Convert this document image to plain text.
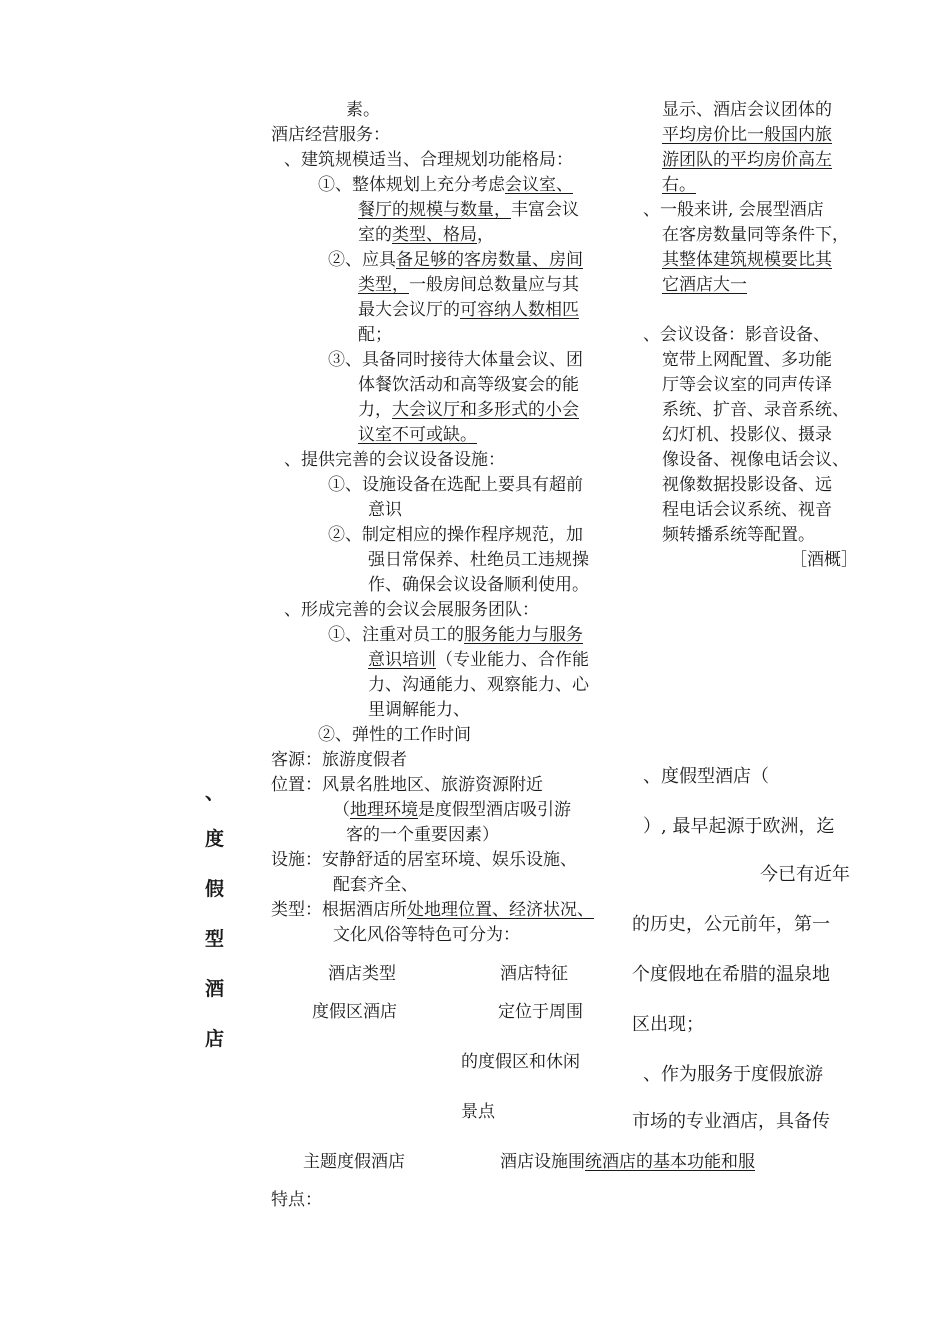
素。
酒店经营服务：
、建筑规模适当、合理规划功能格局：
①、整体规划上充分考虑会议室、
餐厅的规模与数量，丰富会议
室的类型、格局，
②、应具备足够的客房数量、房间
类型，一般房间总数量应与其
最大会议厅的可容纳人数相匹
配；
③、具备同时接待大体量会议、团
体餐饮活动和高等级宴会的能
力，大会议厅和多形式的小会
议室不可或缺。
、提供完善的会议设备设施：
①、设施设备在选配上要具有超前
意识
②、制定相应的操作程序规范，加
强日常保养、杜绝员工违规操
作、确保会议设备顺利使用。
、形成完善的会议会展服务团队：
①、注重对员工的服务能力与服务
意识培训（专业能力、合作能
力、沟通能力、观察能力、心
里调解能力、
②、弹性的工作时间
客源：旅游度假者
位置：风景名胜地区、旅游资源附近
（地理环境是度假型酒店吸引游
客的一个重要因素）
设施：安静舒适的居室环境、娱乐设施、
配套齐全、
类型：根据酒店所处地理位置、经济状况、
文化风俗等特色可分为：
酒店类型	酒店特征
度假区酒店	定位于周围
的度假区和休闲
景点
主题度假酒店	酒店设施围统酒店的基本功能和服
特点：
、
度
假
型
酒
店
显示、酒店会议团体的
平均房价比一般国内旅
游团队的平均房价高左
右。
、一般来讲, 会展型酒店
在客房数量同等条件下，
其整体建筑规模要比其
它酒店大一
、会议设备：影音设备、
宽带上网配置、多功能
厅等会议室的同声传译
系统、扩音、录音系统、
幻灯机、投影仪、摄录
像设备、视像电话会议、
视像数据投影设备、远
程电话会议系统、视音
频转播系统等配置。
［酒概］
、度假型酒店（
）, 最早起源于欧洲，迄
今已有近年
的历史，公元前年，第一
个度假地在希腊的温泉地
区出现；
、作为服务于度假旅游
市场的专业酒店，具备传
